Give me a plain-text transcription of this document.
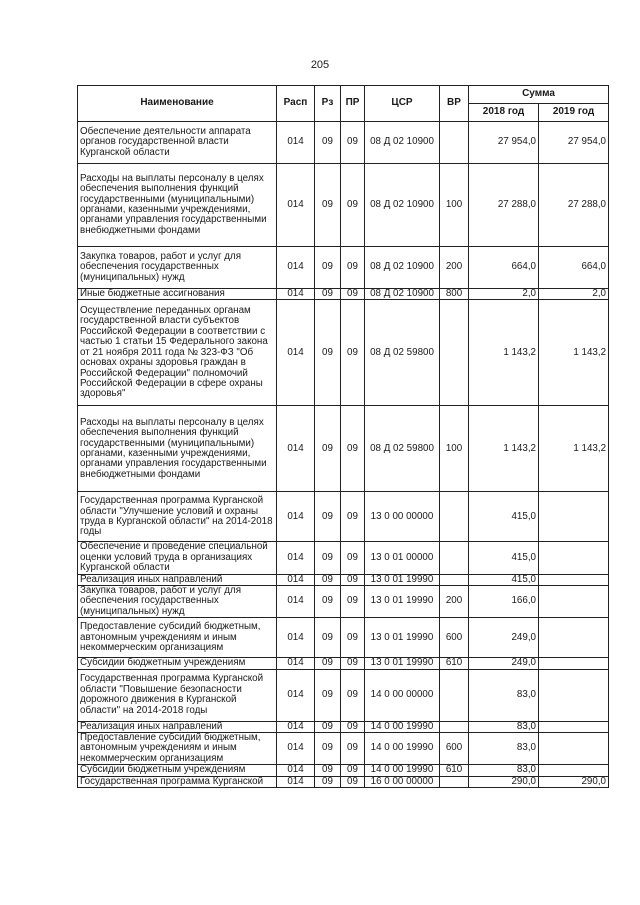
205
Наименование	Расп	Рз	ПР	ЦСР	ВР	Сумма	
						2018 год	2019 год
Обеспечение деятельности аппарата органов государственной власти Курганской области	014	09	09	08 Д 02 10900		27 954,0	27 954,0
Расходы на выплаты персоналу в целях обеспечения выполнения функций государственными (муниципальными) органами, казенными учреждениями, органами управления государственными внебюджетными фондами	014	09	09	08 Д 02 10900	100	27 288,0	27 288,0
Закупка товаров, работ и услуг для обеспечения государственных (муниципальных) нужд	014	09	09	08 Д 02 10900	200	664,0	664,0
Иные бюджетные ассигнования	014	09	09	08 Д 02 10900	800	2,0	2,0
Осуществление переданных органам государственной власти субъектов Российской Федерации в соответствии с частью 1 статьи 15 Федерального закона от 21 ноября 2011 года № 323-ФЗ "Об основах охраны здоровья граждан в Российской Федерации" полномочий Российской Федерации в сфере охраны здоровья"	014	09	09	08 Д 02 59800		1 143,2	1 143,2
Расходы на выплаты персоналу в целях обеспечения выполнения функций государственными (муниципальными) органами, казенными учреждениями, органами управления государственными внебюджетными фондами	014	09	09	08 Д 02 59800	100	1 143,2	1 143,2
Государственная программа Курганской области "Улучшение условий и охраны труда в Курганской области" на 2014-2018 годы	014	09	09	13 0 00 00000		415,0	
Обеспечение и проведение специальной оценки условий труда в организациях Курганской области	014	09	09	13 0 01 00000		415,0	
Реализация иных направлений	014	09	09	13 0 01 19990		415,0	
Закупка товаров, работ и услуг для обеспечения государственных (муниципальных) нужд	014	09	09	13 0 01 19990	200	166,0	
Предоставление субсидий бюджетным, автономным учреждениям и иным некоммерческим организациям	014	09	09	13 0 01 19990	600	249,0	
Субсидии бюджетным учреждениям	014	09	09	13 0 01 19990	610	249,0	
Государственная программа Курганской области "Повышение безопасности дорожного движения в Курганской области" на 2014-2018 годы	014	09	09	14 0 00 00000		83,0	
Реализация иных направлений	014	09	09	14 0 00 19990		83,0	
Предоставление субсидий бюджетным, автономным учреждениям и иным некоммерческим организациям	014	09	09	14 0 00 19990	600	83,0	
Субсидии бюджетным учреждениям	014	09	09	14 0 00 19990	610	83,0	
Государственная программа Курганской	014	09	09	16 0 00 00000		290,0	290,0
